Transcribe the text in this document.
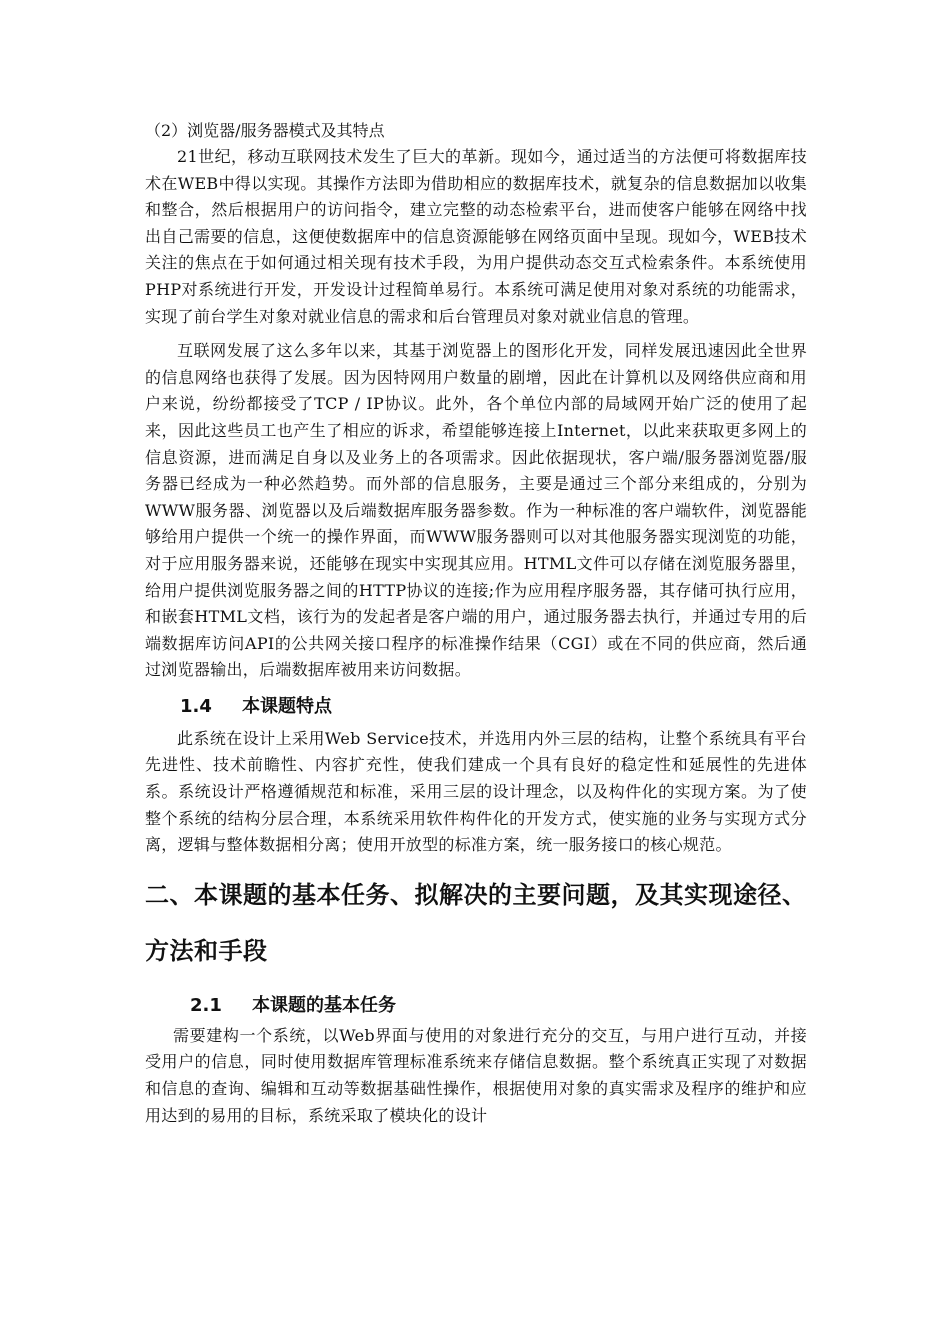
（2）浏览器/服务器模式及其特点

21世纪，移动互联网技术发生了巨大的革新。现如今，通过适当的方法便可将数据库技术在WEB中得以实现。其操作方法即为借助相应的数据库技术，就复杂的信息数据加以收集和整合，然后根据用户的访问指令，建立完整的动态检索平台，进而使客户能够在网络中找出自己需要的信息，这便使数据库中的信息资源能够在网络页面中呈现。现如今，WEB技术关注的焦点在于如何通过相关现有技术手段，为用户提供动态交互式检索条件。本系统使用PHP对系统进行开发，开发设计过程简单易行。本系统可满足使用对象对系统的功能需求，实现了前台学生对象对就业信息的需求和后台管理员对象对就业信息的管理。

互联网发展了这么多年以来，其基于浏览器上的图形化开发，同样发展迅速因此全世界的信息网络也获得了发展。因为因特网用户数量的剧增，因此在计算机以及网络供应商和用户来说，纷纷都接受了TCP / IP协议。此外，各个单位内部的局域网开始广泛的使用了起来，因此这些员工也产生了相应的诉求，希望能够连接上Internet，以此来获取更多网上的信息资源，进而满足自身以及业务上的各项需求。因此依据现状，客户端/服务器浏览器/服务器已经成为一种必然趋势。而外部的信息服务，主要是通过三个部分来组成的，分别为WWW服务器、浏览器以及后端数据库服务器参数。作为一种标准的客户端软件，浏览器能够给用户提供一个统一的操作界面，而WWW服务器则可以对其他服务器实现浏览的功能，对于应用服务器来说，还能够在现实中实现其应用。HTML文件可以存储在浏览服务器里，给用户提供浏览服务器之间的HTTP协议的连接;作为应用程序服务器，其存储可执行应用，和嵌套HTML文档，该行为的发起者是客户端的用户，通过服务器去执行，并通过专用的后端数据库访问API的公共网关接口程序的标准操作结果（CGI）或在不同的供应商，然后通过浏览器输出，后端数据库被用来访问数据。

1.4 本课题特点

此系统在设计上采用Web Service技术，并选用内外三层的结构，让整个系统具有平台先进性、技术前瞻性、内容扩充性，使我们建成一个具有良好的稳定性和延展性的先进体系。系统设计严格遵循规范和标准，采用三层的设计理念，以及构件化的实现方案。为了使整个系统的结构分层合理，本系统采用软件构件化的开发方式，使实施的业务与实现方式分离，逻辑与整体数据相分离；使用开放型的标准方案，统一服务接口的核心规范。

二、本课题的基本任务、拟解决的主要问题，及其实现途径、
方法和手段
2.1 本课题的基本任务

需要建构一个系统，以Web界面与使用的对象进行充分的交互，与用户进行互动，并接受用户的信息，同时使用数据库管理标准系统来存储信息数据。整个系统真正实现了对数据和信息的查询、编辑和互动等数据基础性操作，根据使用对象的真实需求及程序的维护和应用达到的易用的目标，系统采取了模块化的设计
